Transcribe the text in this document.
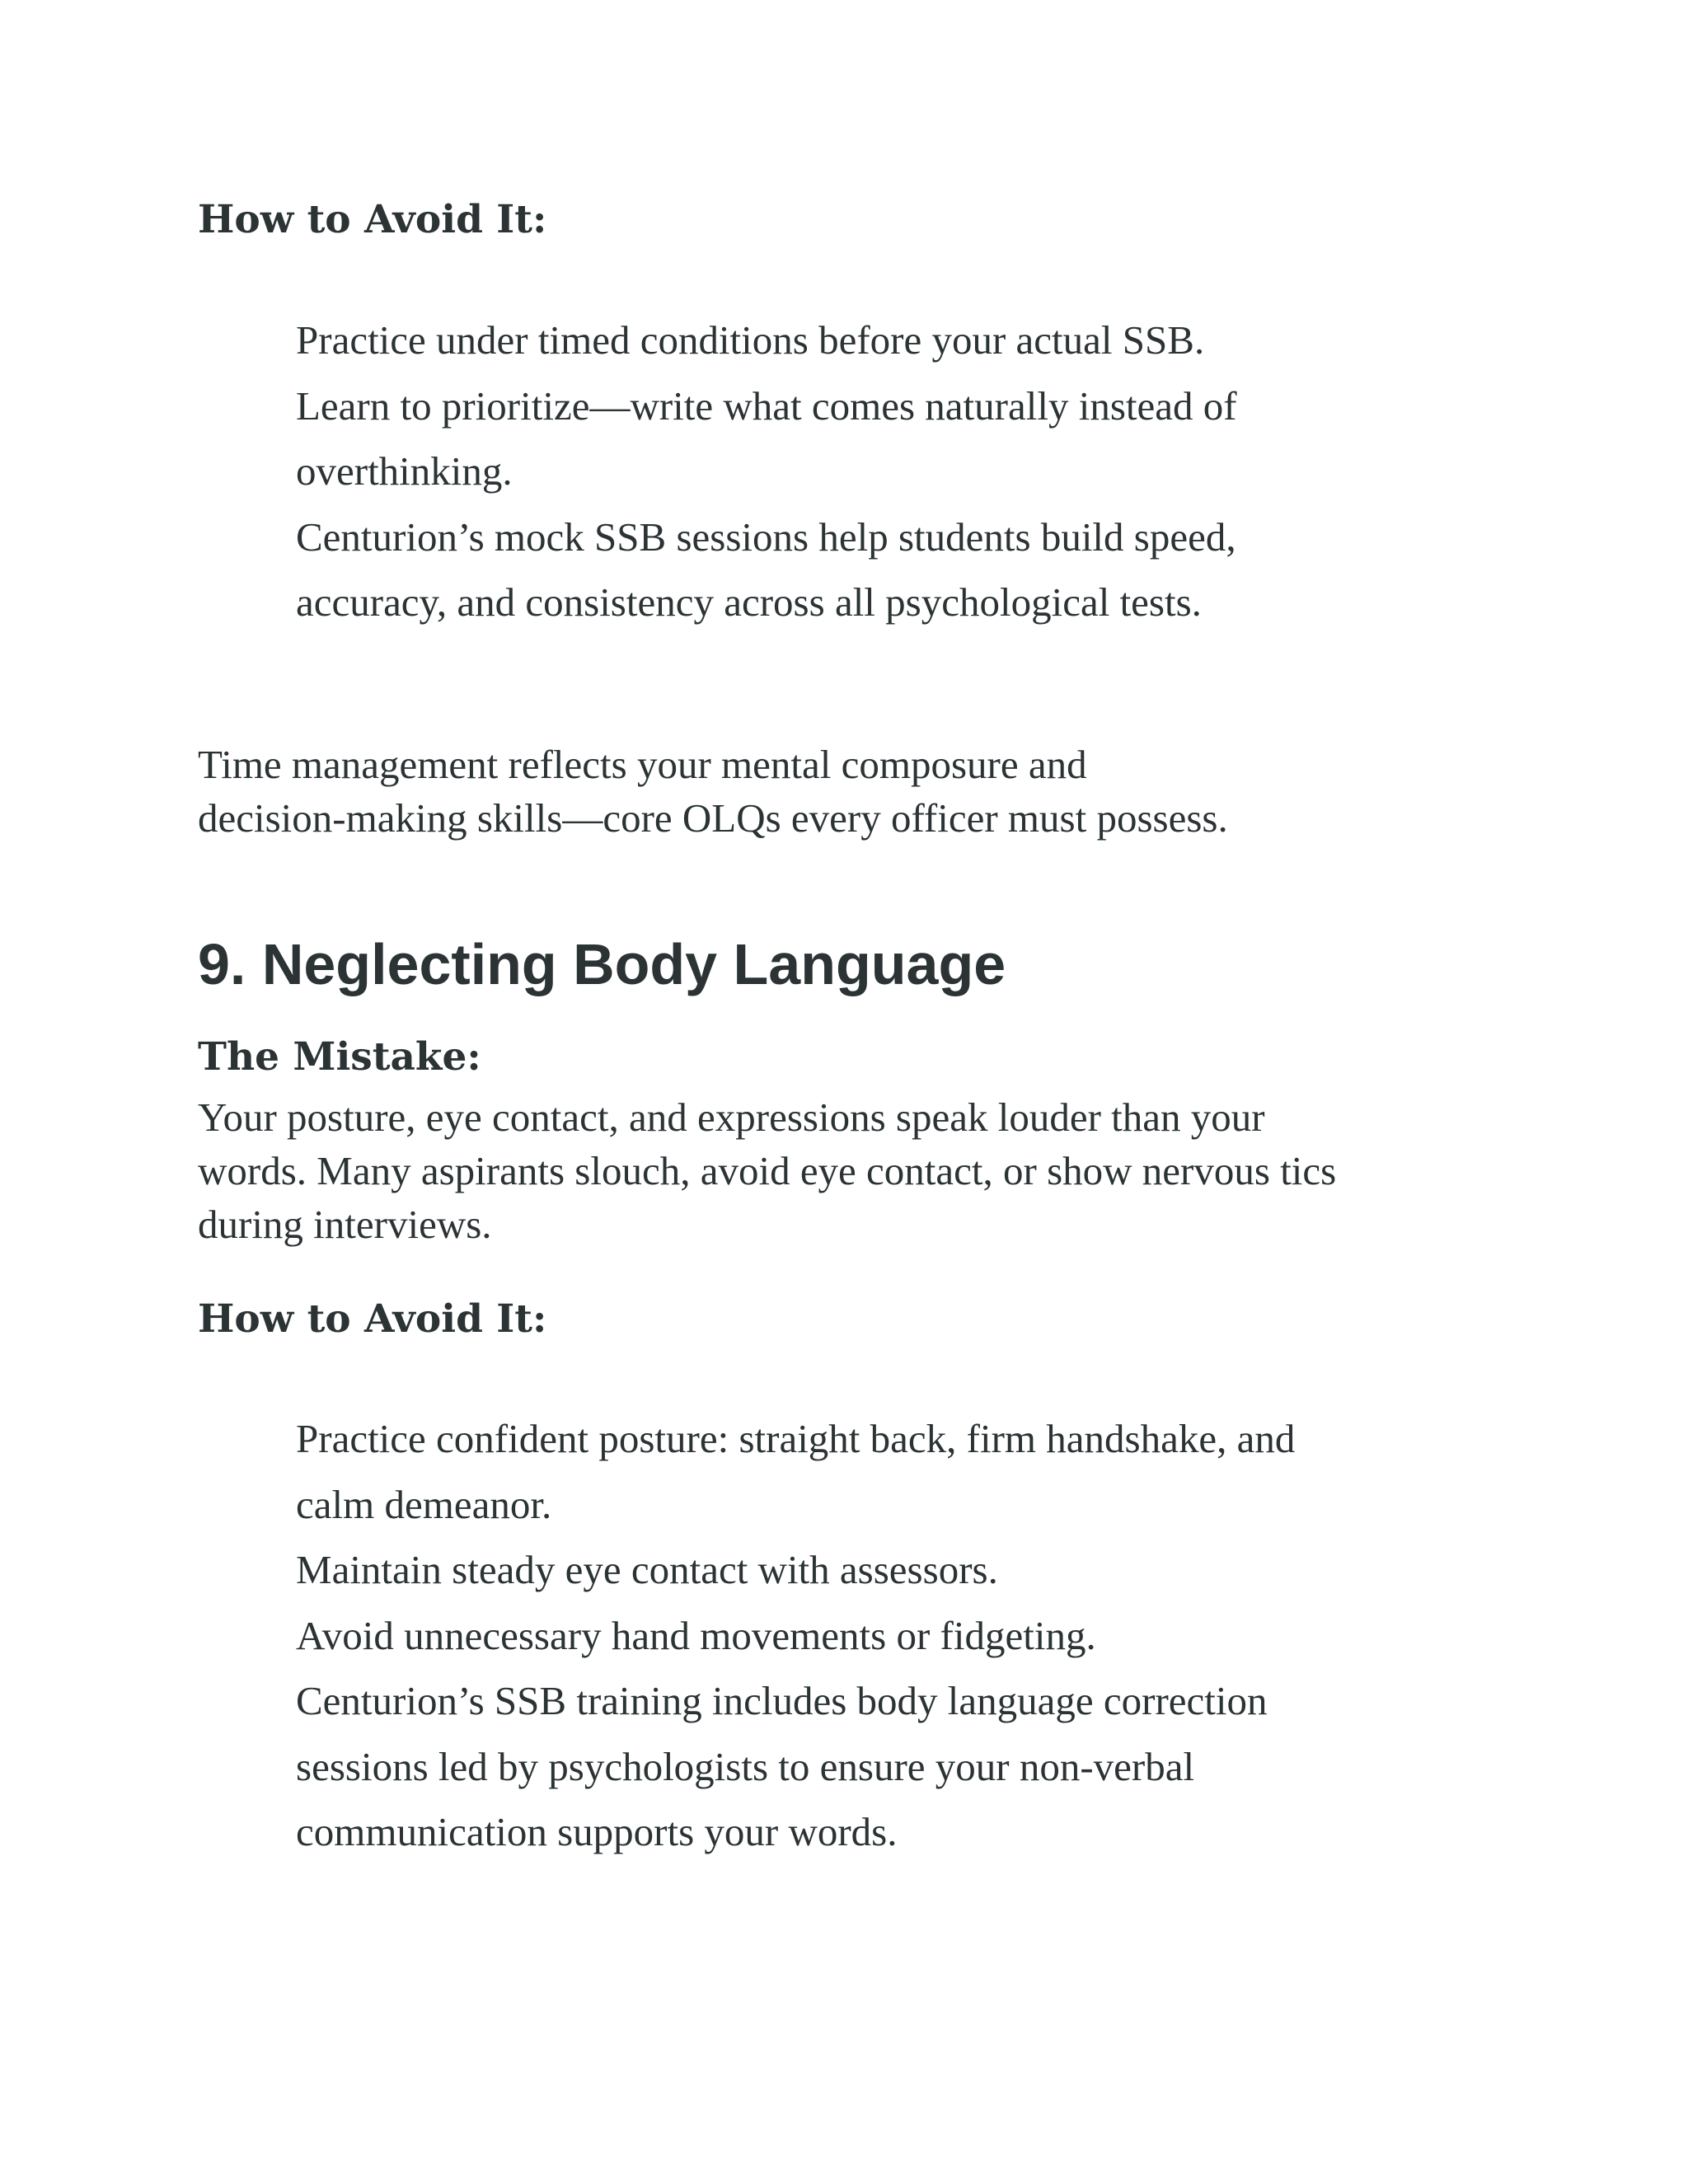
How to Avoid It:
Practice under timed conditions before your actual SSB.
Learn to prioritize—write what comes naturally instead of
overthinking.
Centurion’s mock SSB sessions help students build speed,
accuracy, and consistency across all psychological tests.

Time management reflects your mental composure and
decision-making skills—core OLQs every officer must possess.

9. Neglecting Body Language
The Mistake:

Your posture, eye contact, and expressions speak louder than your
words. Many aspirants slouch, avoid eye contact, or show nervous tics
during interviews.

How to Avoid It:
Practice confident posture: straight back, firm handshake, and
calm demeanor.
Maintain steady eye contact with assessors.
Avoid unnecessary hand movements or fidgeting.
Centurion’s SSB training includes body language correction
sessions led by psychologists to ensure your non-verbal
communication supports your words.
